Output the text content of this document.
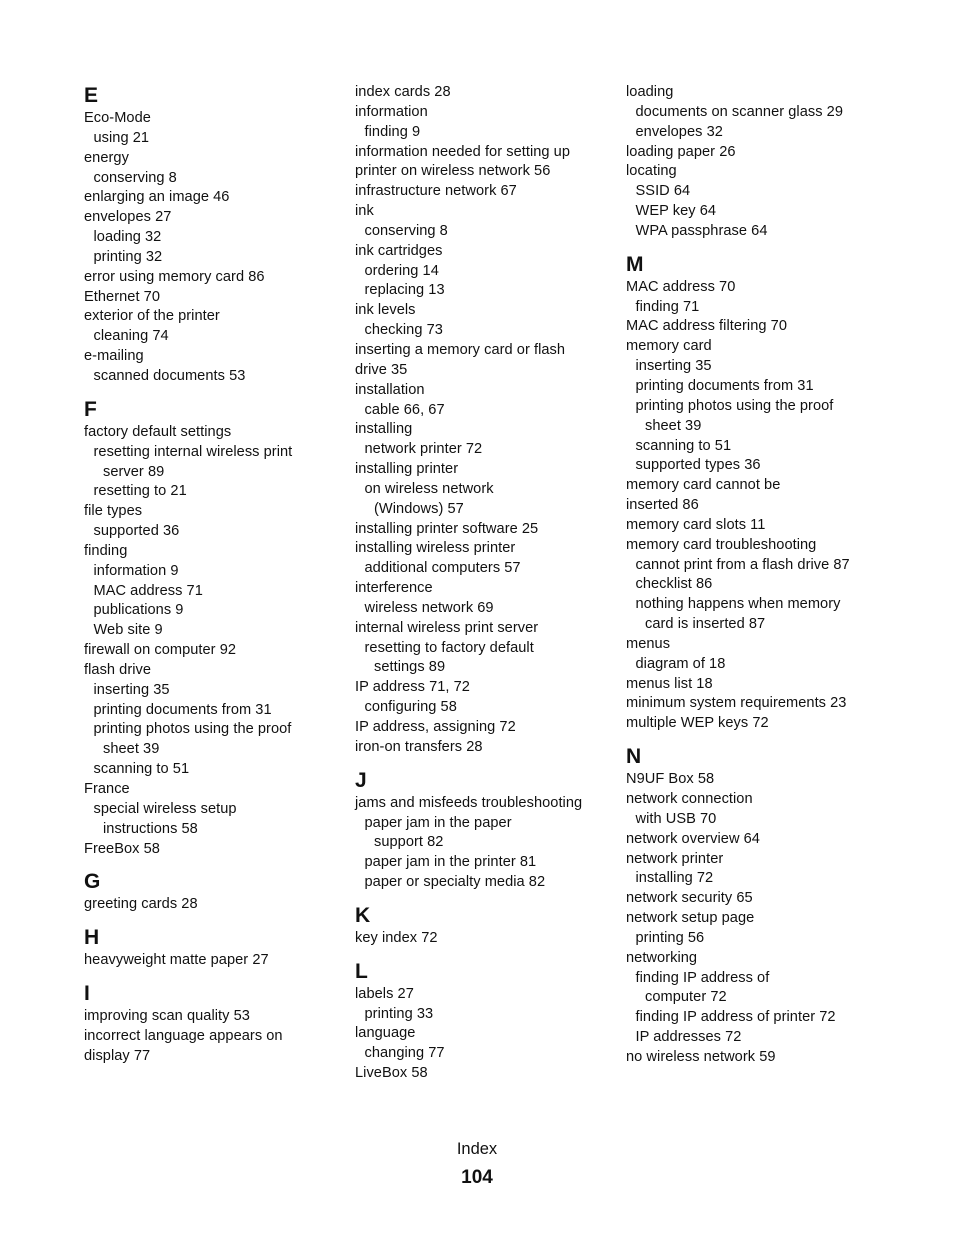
E
Eco-Mode
using 21
energy
conserving 8
enlarging an image 46
envelopes 27
loading 32
printing 32
error using memory card 86
Ethernet 70
exterior of the printer
cleaning 74
e-mailing
scanned documents 53
F
factory default settings
resetting internal wireless print
server 89
resetting to 21
file types
supported 36
finding
information 9
MAC address 71
publications 9
Web site 9
firewall on computer 92
flash drive
inserting 35
printing documents from 31
printing photos using the proof
sheet 39
scanning to 51
France
special wireless setup
instructions 58
FreeBox 58
G
greeting cards 28
H
heavyweight matte paper 27
I
improving scan quality 53
incorrect language appears on
display 77
index cards 28
information
finding 9
information needed for setting up
printer on wireless network 56
infrastructure network 67
ink
conserving 8
ink cartridges
ordering 14
replacing 13
ink levels
checking 73
inserting a memory card or flash
drive 35
installation
cable 66, 67
installing
network printer 72
installing printer
on wireless network
(Windows) 57
installing printer software 25
installing wireless printer
additional computers 57
interference
wireless network 69
internal wireless print server
resetting to factory default
settings 89
IP address 71, 72
configuring 58
IP address, assigning 72
iron-on transfers 28
J
jams and misfeeds troubleshooting
paper jam in the paper
support 82
paper jam in the printer 81
paper or specialty media 82
K
key index 72
L
labels 27
printing 33
language
changing 77
LiveBox 58
loading
documents on scanner glass 29
envelopes 32
loading paper 26
locating
SSID 64
WEP key 64
WPA passphrase 64
M
MAC address 70
finding 71
MAC address filtering 70
memory card
inserting 35
printing documents from 31
printing photos using the proof
sheet 39
scanning to 51
supported types 36
memory card cannot be
inserted 86
memory card slots 11
memory card troubleshooting
cannot print from a flash drive 87
checklist 86
nothing happens when memory
card is inserted 87
menus
diagram of 18
menus list 18
minimum system requirements 23
multiple WEP keys 72
N
N9UF Box 58
network connection
with USB 70
network overview 64
network printer
installing 72
network security 65
network setup page
printing 56
networking
finding IP address of
computer 72
finding IP address of printer 72
IP addresses 72
no wireless network 59
Index
104
